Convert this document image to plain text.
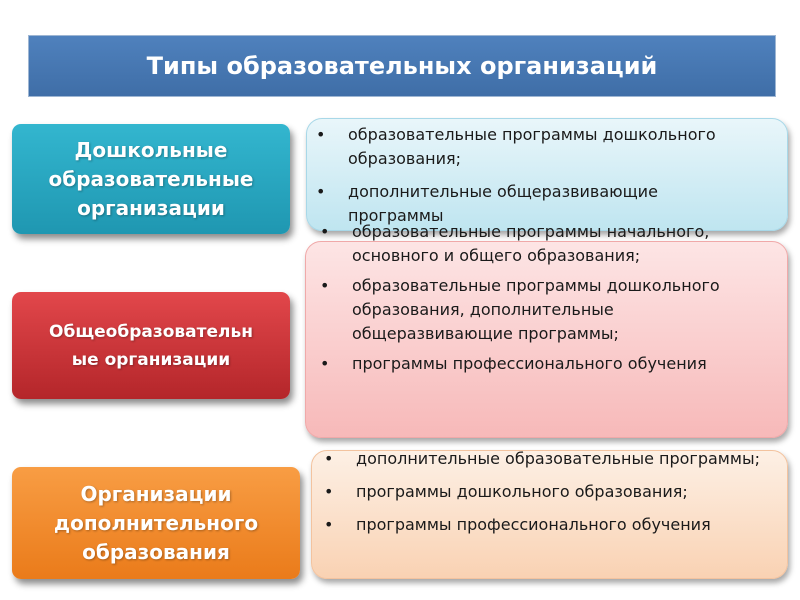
Типы образовательных организаций
Дошкольные
образовательные
организации
•	образовательные программы дошкольного образования;
•	дополнительные общеразвивающие программы
Общеобразовательн
ые организации
•	образовательные программы начального, основного и общего образования;
•	образовательные программы дошкольного образования, дополнительные общеразвивающие программы;
•	программы профессионального обучения
Организации
дополнительного
образования
•	дополнительные образовательные программы;
•	программы дошкольного образования;
•	программы профессионального обучения
